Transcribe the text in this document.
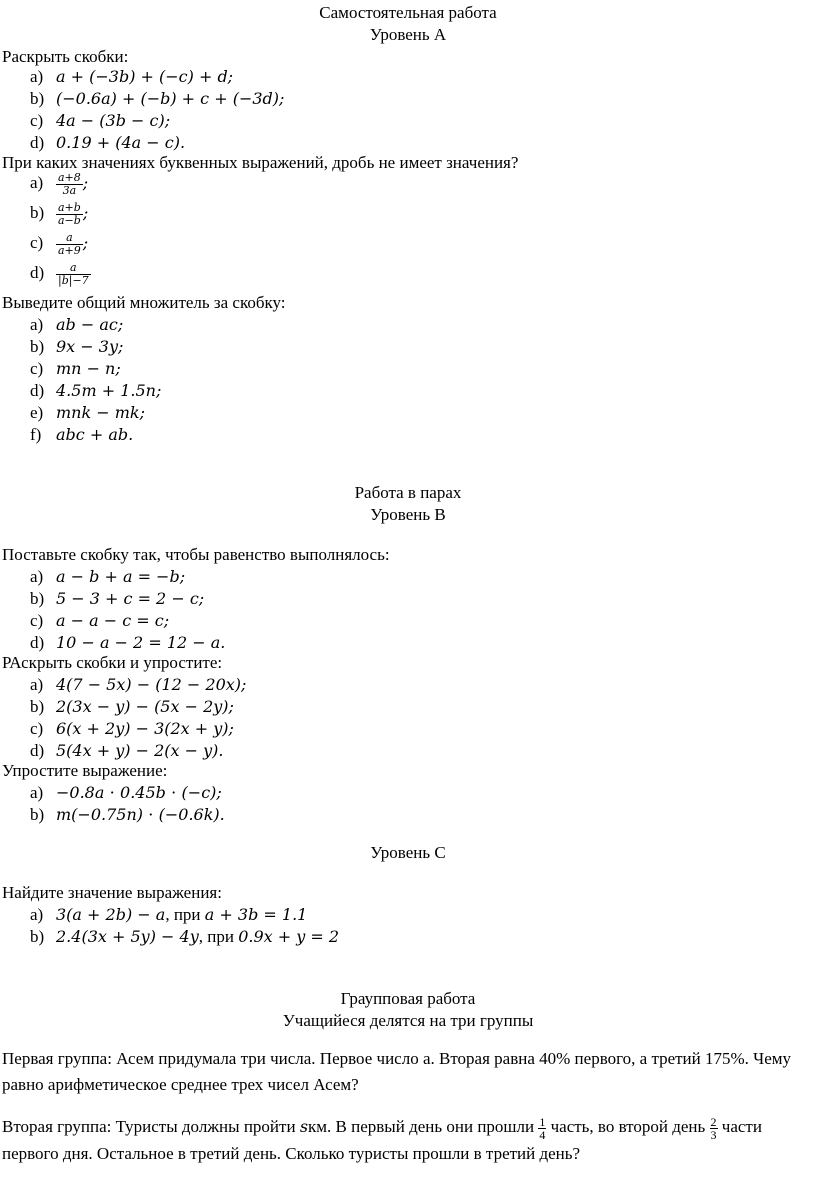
Самостоятельная работа
Уровень А
Раскрыть скобки:
a) 𝑎 + (−3𝑏) + (−𝑐) + 𝑑;
b) (−0.6𝑎) + (−𝑏) + 𝑐 + (−3𝑑);
c) 4𝑎 − (3𝑏 − 𝑐);
d) 0.19 + (4𝑎 − 𝑐).
При каких значениях буквенных выражений, дробь не имеет значения?
$a) \frac{a+8}{3a}$ ;
$b) \frac{a+b}{a-b}$ ;
$c) \frac{a}{a+9}$ ;
$d) \frac{a}{|b|-7}$
Выведите общий множитель за скобку:
a) 𝑎𝑏 − 𝑎𝑐;
b) 9𝑥 − 3𝑦;
c) 𝑚𝑛 − 𝑛;
d) 4.5𝑚 + 1.5𝑛;
e) 𝑚𝑛𝑘 − 𝑚𝑘;
f) 𝑎𝑏𝑐 + 𝑎𝑏.
Работа в парах
Уровень В
Поставьте скобку так, чтобы равенство выполнялось:
a) 𝑎 − 𝑏 + 𝑎 = −𝑏;
b) 5 − 3 + 𝑐 = 2 − 𝑐;
c) 𝑎 − 𝑎 − 𝑐 = 𝑐;
d) 10 − 𝑎 − 2 = 12 − 𝑎.
РАскрыть скобки и упростите:
a) 4(7 − 5𝑥) − (12 − 20𝑥);
b) 2(3𝑥 − 𝑦) − (5𝑥 − 2𝑦);
c) 6(𝑥 + 2𝑦) − 3(2𝑥 + 𝑦);
d) 5(4𝑥 + 𝑦) − 2(𝑥 − 𝑦).
Упростите выражение:
a) −0.8𝑎 ⋅ 0.45𝑏 ⋅ (−𝑐);
b) 𝑚(−0.75𝑛) ⋅ (−0.6𝑘).
Уровень С
Найдите значение выражения:
a) 3(𝑎 + 2𝑏) − 𝑎, при 𝑎 + 3𝑏 = 1.1
b) 2.4(3𝑥 + 5𝑦) − 4𝑦, при 0.9𝑥 + 𝑦 = 2
Граупповая работа
Учащийеся делятся на три группы
Первая группа: Асем придумала три числа. Первое число а. Вторая равна 40% первого, а третий 175%. Чему равно арифметическое среднее трех чисел Асем?
Вторая группа: Туристы должны пройти sкм. В первый день они прошли $\frac{1}{4}$ часть, во второй день $\frac{2}{3}$ части первого дня. Остальное в третий день. Сколько туристы прошли в третий день?
